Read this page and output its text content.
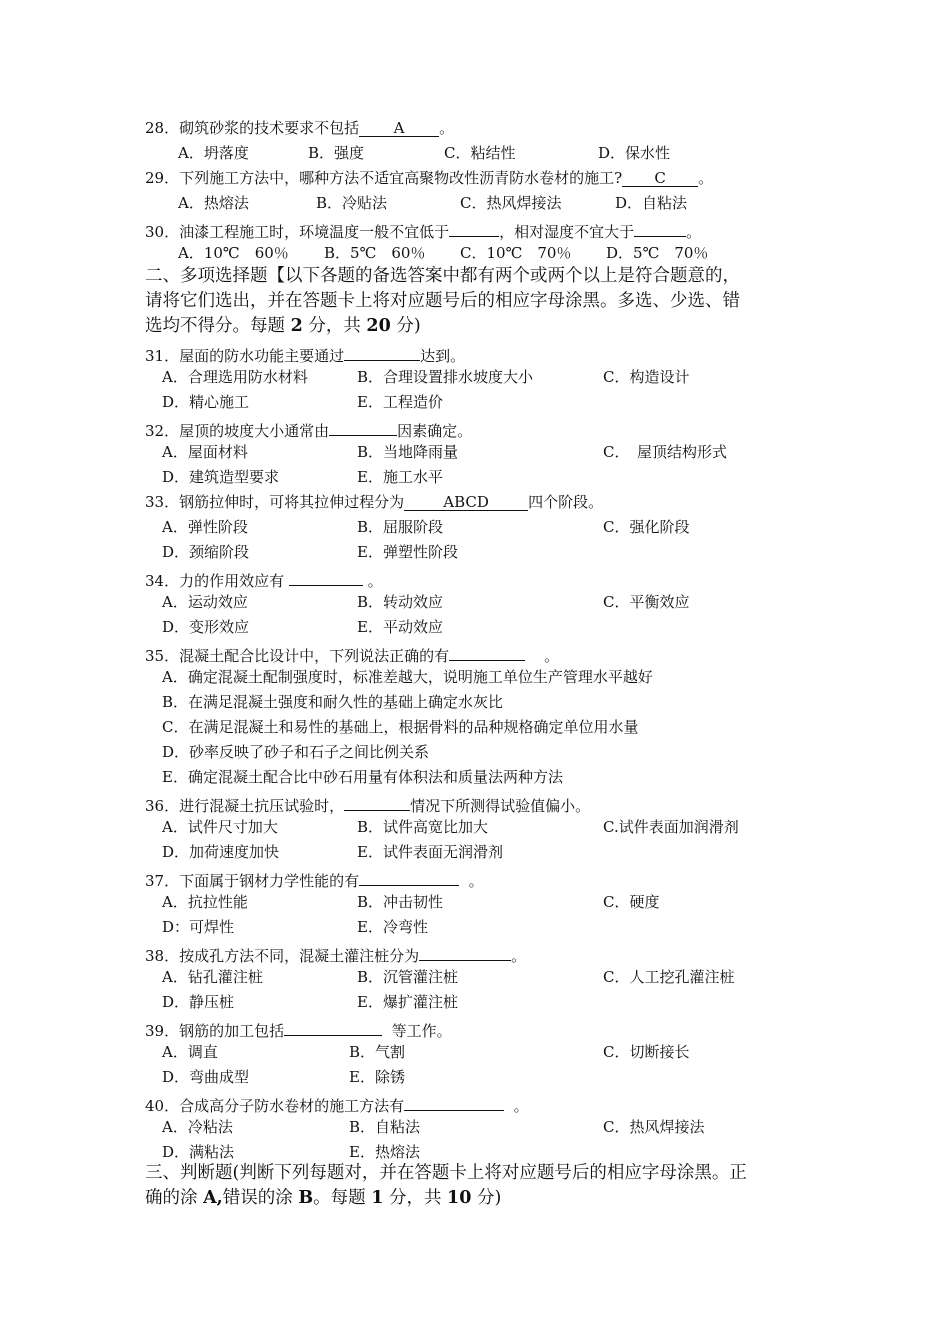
28．砌筑砂浆的技术要求不包括 A 。
A．坍落度	B．强度	C．粘结性	D．保水性
29．下列施工方法中，哪种方法不适宜高聚物改性沥青防水卷材的施工? C 。
A．热熔法	B．冷贴法	C．热风焊接法	D．自粘法
30．油漆工程施工时，环境温度一般不宜低于	，相对湿度不宜大于	。
A．10℃　60％ B．5℃　60％ C．10℃　70％ D．5℃　70％
二、多项选择题【以下各题的备选答案中都有两个或两个以上是符合题意的，
请将它们选出，并在答题卡上将对应题号后的相应字母涂黑。多选、少选、错
选均不得分。每题 2 分，共 20 分)
31．屋面的防水功能主要通过	达到。
A．合理选用防水材料	B．合理设置排水坡度大小	C．构造设计
D．精心施工	E．工程造价
32．屋顶的坡度大小通常由	因素确定。
A．屋面材料	B．当地降雨量	C．　屋顶结构形式
D．建筑造型要求	E．施工水平
33．钢筋拉伸时，可将其拉伸过程分为	ABCD	四个阶段。
A．弹性阶段	B．屈服阶段	C．强化阶段
D．颈缩阶段	E．弹塑性阶段
34．力的作用效应有	。
A．运动效应	B．转动效应	C．平衡效应
D．变形效应	E．平动效应
35．混凝土配合比设计中，下列说法正确的有	。
A．确定混凝土配制强度时，标准差越大，说明施工单位生产管理水平越好
B．在满足混凝土强度和耐久性的基础上确定水灰比
C．在满足混凝土和易性的基础上，根据骨料的品种规格确定单位用水量
D．砂率反映了砂子和石子之间比例关系
E．确定混凝土配合比中砂石用量有体积法和质量法两种方法
36．进行混凝土抗压试验时，	情况下所测得试验值偏小。
A．试件尺寸加大	B．试件高宽比加大	C.试件表面加润滑剂
D．加荷速度加快	E．试件表面无润滑剂
37．下面属于钢材力学性能的有	。
A．抗拉性能	B．冲击韧性	C．硬度
D：可焊性	E．冷弯性
38．按成孔方法不同，混凝土灌注桩分为	。
A．钻孔灌注桩	B．沉管灌注桩	C．人工挖孔灌注桩
D．静压桩	E．爆扩灌注桩
39．钢筋的加工包括	等工作。
A．调直	B．气割	C．切断接长
D．弯曲成型	E．除锈
40．合成高分子防水卷材的施工方法有	。
A．冷粘法	B．自粘法	C．热风焊接法
D．满粘法	E．热熔法
三、判断题(判断下列每题对，并在答题卡上将对应题号后的相应字母涂黑。正
确的涂 A,错误的涂 B。每题 1 分，共 10 分)
